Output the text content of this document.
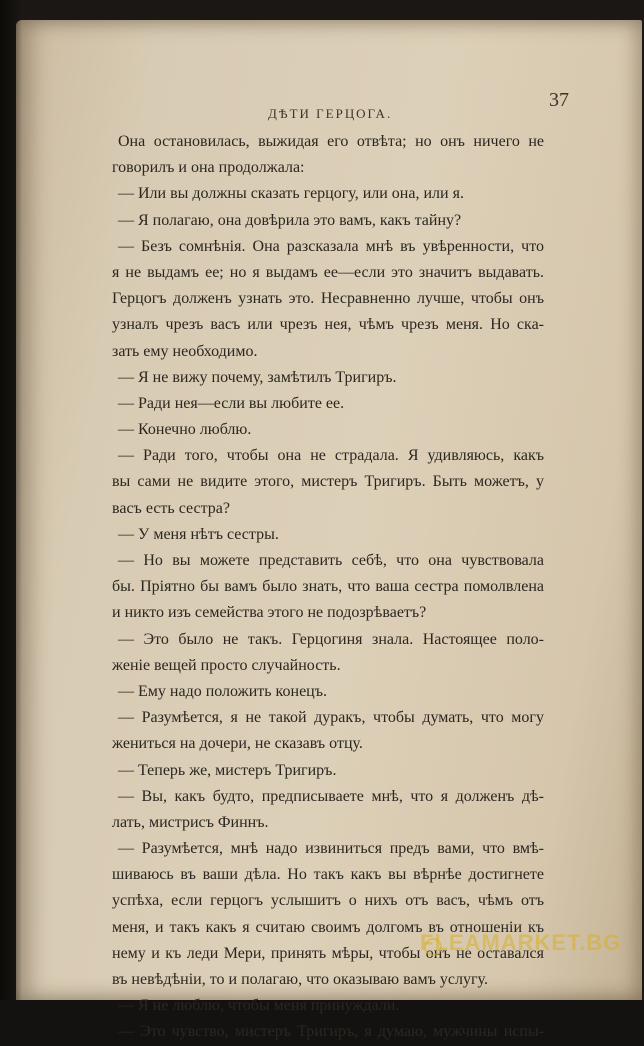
ДѢТИ ГЕРЦОГА.
37
Она остановилась, выжидая его отвѣта; но онъ ничего не
говорилъ и она продолжала:
— Или вы должны сказать герцогу, или она, или я.
— Я полагаю, она довѣрила это вамъ, какъ тайну?
— Безъ сомнѣнія. Она разсказала мнѣ въ увѣренности, что
я не выдамъ ее; но я выдамъ ее—если это значитъ выдавать.
Герцогъ долженъ узнать это. Несравненно лучше, чтобы онъ
узналъ чрезъ васъ или чрезъ нея, чѣмъ чрезъ меня. Но ска-
зать ему необходимо.
— Я не вижу почему, замѣтилъ Тригиръ.
— Ради нея—если вы любите ее.
— Конечно люблю.
— Ради того, чтобы она не страдала. Я удивляюсь, какъ
вы сами не видите этого, мистеръ Тригиръ. Быть можетъ, у
васъ есть сестра?
— У меня нѣтъ сестры.
— Но вы можете представить себѣ, что она чувствовала
бы. Пріятно бы вамъ было знать, что ваша сестра помолвлена
и никто изъ семейства этого не подозрѣваетъ?
— Это было не такъ. Герцогиня знала. Настоящее поло-
женіе вещей просто случайность.
— Ему надо положить конецъ.
— Разумѣется, я не такой дуракъ, чтобы думать, что могу
жениться на дочери, не сказавъ отцу.
— Теперь же, мистеръ Тригиръ.
— Вы, какъ будто, предписываете мнѣ, что я долженъ дѣ-
лать, мистрисъ Финнъ.
— Разумѣется, мнѣ надо извиниться предъ вами, что вмѣ-
шиваюсь въ ваши дѣла. Но такъ какъ вы вѣрнѣе достигнете
успѣха, если герцогъ услышитъ о нихъ отъ васъ, чѣмъ отъ
меня, и такъ какъ я считаю своимъ долгомъ въ отношеніи къ
нему и къ леди Мери, принять мѣры, чтобы онъ не оставался
въ невѣдѣніи, то и полагаю, что оказываю вамъ услугу.
— Я не люблю, чтобы меня принуждали.
— Это чувство, мистеръ Тригиръ, я думаю, мужчины испы-
FLEAMARKET.BG
